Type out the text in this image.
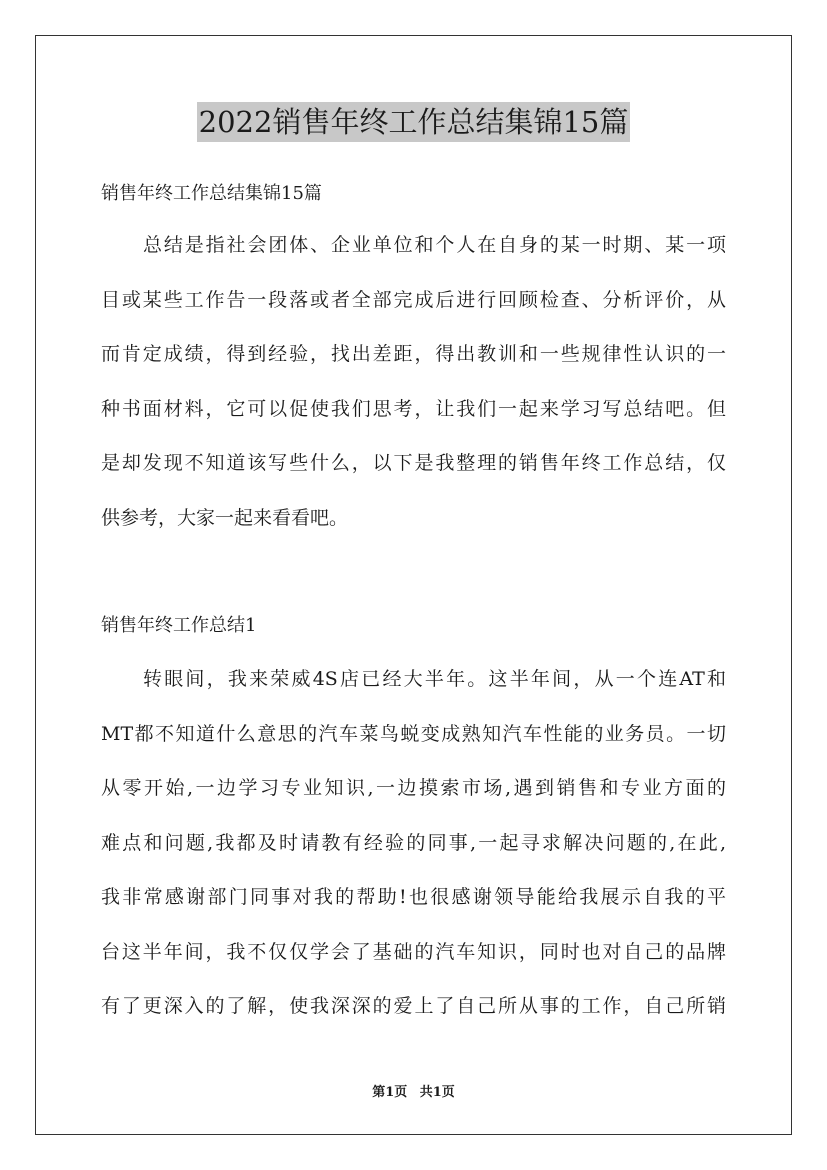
2022销售年终工作总结集锦15篇

销售年终工作总结集锦15篇

总结是指社会团体、企业单位和个人在自身的某一时期、某一项
目或某些工作告一段落或者全部完成后进行回顾检查、分析评价，从
而肯定成绩，得到经验，找出差距，得出教训和一些规律性认识的一
种书面材料，它可以促使我们思考，让我们一起来学习写总结吧。但
是却发现不知道该写些什么，以下是我整理的销售年终工作总结，仅
供参考，大家一起来看看吧。

销售年终工作总结1

转眼间，我来荣威4S店已经大半年。这半年间，从一个连AT和
MT都不知道什么意思的汽车菜鸟蜕变成熟知汽车性能的业务员。一切
从零开始,一边学习专业知识,一边摸索市场,遇到销售和专业方面的
难点和问题,我都及时请教有经验的同事,一起寻求解决问题的,在此,
我非常感谢部门同事对我的帮助!也很感谢领导能给我展示自我的平
台这半年间，我不仅仅学会了基础的汽车知识，同时也对自己的品牌
有了更深入的了解，使我深深的爱上了自己所从事的工作，自己所销
第1页 共1页
